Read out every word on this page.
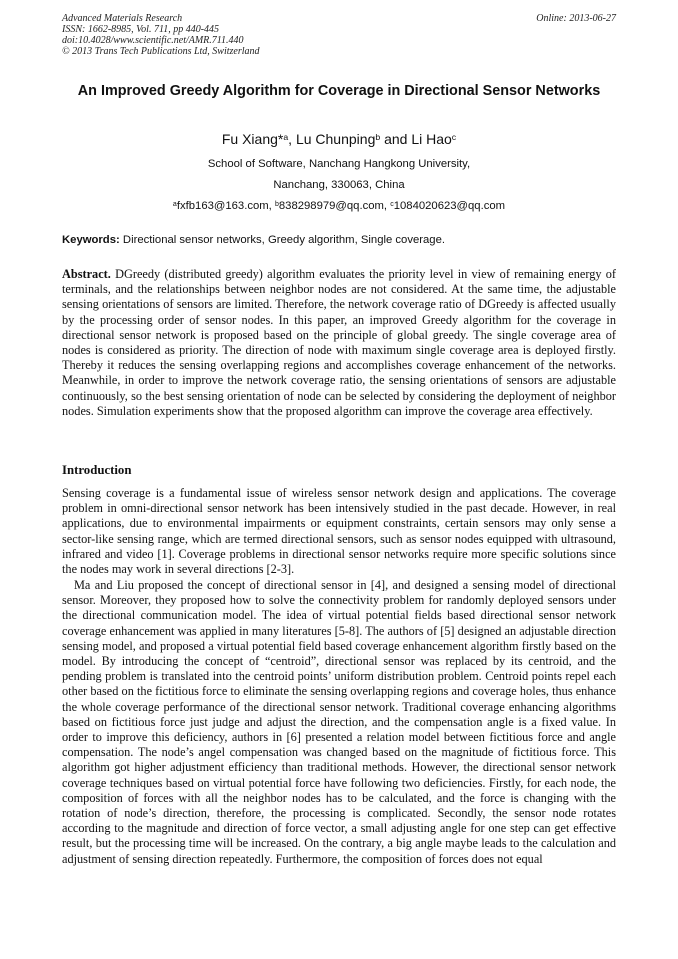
Advanced Materials Research
ISSN: 1662-8985, Vol. 711, pp 440-445
doi:10.4028/www.scientific.net/AMR.711.440
© 2013 Trans Tech Publications Ltd, Switzerland
Online: 2013-06-27
An Improved Greedy Algorithm for Coverage in Directional Sensor Networks
Fu Xiang*$^a$, Lu Chunping$^b$ and Li Hao$^c$
School of Software, Nanchang Hangkong University,
Nanchang, 330063, China
$^a$fxfb163@163.com, $^b$838298979@qq.com, $^c$1084020623@qq.com
Keywords: Directional sensor networks, Greedy algorithm, Single coverage.
Abstract. DGreedy (distributed greedy) algorithm evaluates the priority level in view of remaining energy of terminals, and the relationships between neighbor nodes are not considered. At the same time, the adjustable sensing orientations of sensors are limited. Therefore, the network coverage ratio of DGreedy is affected usually by the processing order of sensor nodes. In this paper, an improved Greedy algorithm for the coverage in directional sensor network is proposed based on the principle of global greedy. The single coverage area of nodes is considered as priority. The direction of node with maximum single coverage area is deployed firstly. Thereby it reduces the sensing overlapping regions and accomplishes coverage enhancement of the networks. Meanwhile, in order to improve the network coverage ratio, the sensing orientations of sensors are adjustable continuously, so the best sensing orientation of node can be selected by considering the deployment of neighbor nodes. Simulation experiments show that the proposed algorithm can improve the coverage area effectively.
Introduction
Sensing coverage is a fundamental issue of wireless sensor network design and applications. The coverage problem in omni-directional sensor network has been intensively studied in the past decade. However, in real applications, due to environmental impairments or equipment constraints, certain sensors may only sense a sector-like sensing range, which are termed directional sensors, such as sensor nodes equipped with ultrasound, infrared and video [1]. Coverage problems in directional sensor networks require more specific solutions since the nodes may work in several directions [2-3].
Ma and Liu proposed the concept of directional sensor in [4], and designed a sensing model of directional sensor. Moreover, they proposed how to solve the connectivity problem for randomly deployed sensors under the directional communication model. The idea of virtual potential fields based directional sensor network coverage enhancement was applied in many literatures [5-8]. The authors of [5] designed an adjustable direction sensing model, and proposed a virtual potential field based coverage enhancement algorithm firstly based on the model. By introducing the concept of “centroid”, directional sensor was replaced by its centroid, and the pending problem is translated into the centroid points’ uniform distribution problem. Centroid points repel each other based on the fictitious force to eliminate the sensing overlapping regions and coverage holes, thus enhance the whole coverage performance of the directional sensor network. Traditional coverage enhancing algorithms based on fictitious force just judge and adjust the direction, and the compensation angle is a fixed value. In order to improve this deficiency, authors in [6] presented a relation model between fictitious force and angle compensation. The node’s angel compensation was changed based on the magnitude of fictitious force. This algorithm got higher adjustment efficiency than traditional methods. However, the directional sensor network coverage techniques based on virtual potential force have following two deficiencies. Firstly, for each node, the composition of forces with all the neighbor nodes has to be calculated, and the force is changing with the rotation of node’s direction, therefore, the processing is complicated. Secondly, the sensor node rotates according to the magnitude and direction of force vector, a small adjusting angle for one step can get effective result, but the processing time will be increased. On the contrary, a big angle maybe leads to the calculation and adjustment of sensing direction repeatedly. Furthermore, the composition of forces does not equal
